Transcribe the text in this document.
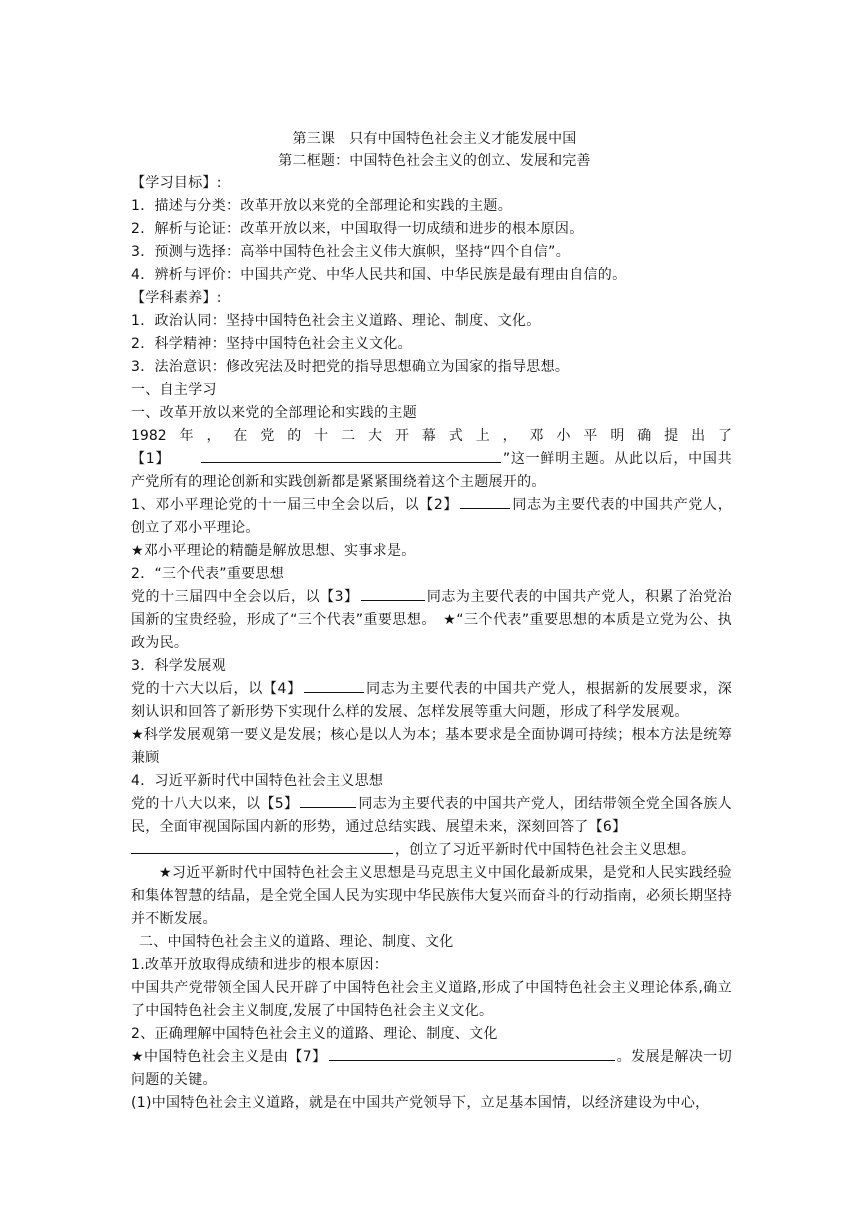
第三课　只有中国特色社会主义才能发展中国
第二框题：中国特色社会主义的创立、发展和完善

【学习目标】:

1．描述与分类：改革开放以来党的全部理论和实践的主题。

2．解析与论证：改革开放以来，中国取得一切成绩和进步的根本原因。

3．预测与选择：高举中国特色社会主义伟大旗帜，坚持“四个自信”。

4．辨析与评价：中国共产党、中华人民共和国、中华民族是最有理由自信的。

【学科素养】:

1．政治认同：坚持中国特色社会主义道路、理论、制度、文化。

2．科学精神：坚持中国特色社会主义文化。

3．法治意识：修改宪法及时把党的指导思想确立为国家的指导思想。

一、自主学习

一、改革开放以来党的全部理论和实践的主题

1982 年 ， 在 党 的 十 二 大 开 幕 式 上 ， 邓 小 平 明 确 提 出 了

【1】  	”这一鲜明主题。从此以后，中国共产党所有的理论创新和实践创新都是紧紧围绕着这个主题展开的。

1、邓小平理论党的十一届三中全会以后，以【2】	同志为主要代表的中国共产党人，创立了邓小平理论。

★邓小平理论的精髓是解放思想、实事求是。

2．“三个代表”重要思想

党的十三届四中全会以后，以【3】	同志为主要代表的中国共产党人，积累了治党治国新的宝贵经验，形成了“三个代表”重要思想。　★“三个代表”重要思想的本质是立党为公、执政为民。

3．科学发展观

党的十六大以后，以【4】	同志为主要代表的中国共产党人，根据新的发展要求，深刻认识和回答了新形势下实现什么样的发展、怎样发展等重大问题，形成了科学发展观。

★科学发展观第一要义是发展；核心是以人为本；基本要求是全面协调可持续；根本方法是统筹兼顾

4．习近平新时代中国特色社会主义思想

党的十八大以来，以【5】	同志为主要代表的中国共产党人，团结带领全党全国各族人民，全面审视国际国内新的形势，通过总结实践、展望未来，深刻回答了【6】
，创立了习近平新时代中国特色社会主义思想。

★习近平新时代中国特色社会主义思想是马克思主义中国化最新成果，是党和人民实践经验和集体智慧的结晶，是全党全国人民为实现中华民族伟大复兴而奋斗的行动指南，必须长期坚持并不断发展。

二、中国特色社会主义的道路、理论、制度、文化

1.改革开放取得成绩和进步的根本原因：

中国共产党带领全国人民开辟了中国特色社会主义道路,形成了中国特色社会主义理论体系,确立了中国特色社会主义制度,发展了中国特色社会主义文化。

2、正确理解中国特色社会主义的道路、理论、制度、文化

★中国特色社会主义是由【7】	。发展是解决一切问题的关键。

(1)中国特色社会主义道路，就是在中国共产党领导下，立足基本国情，以经济建设为中心，
